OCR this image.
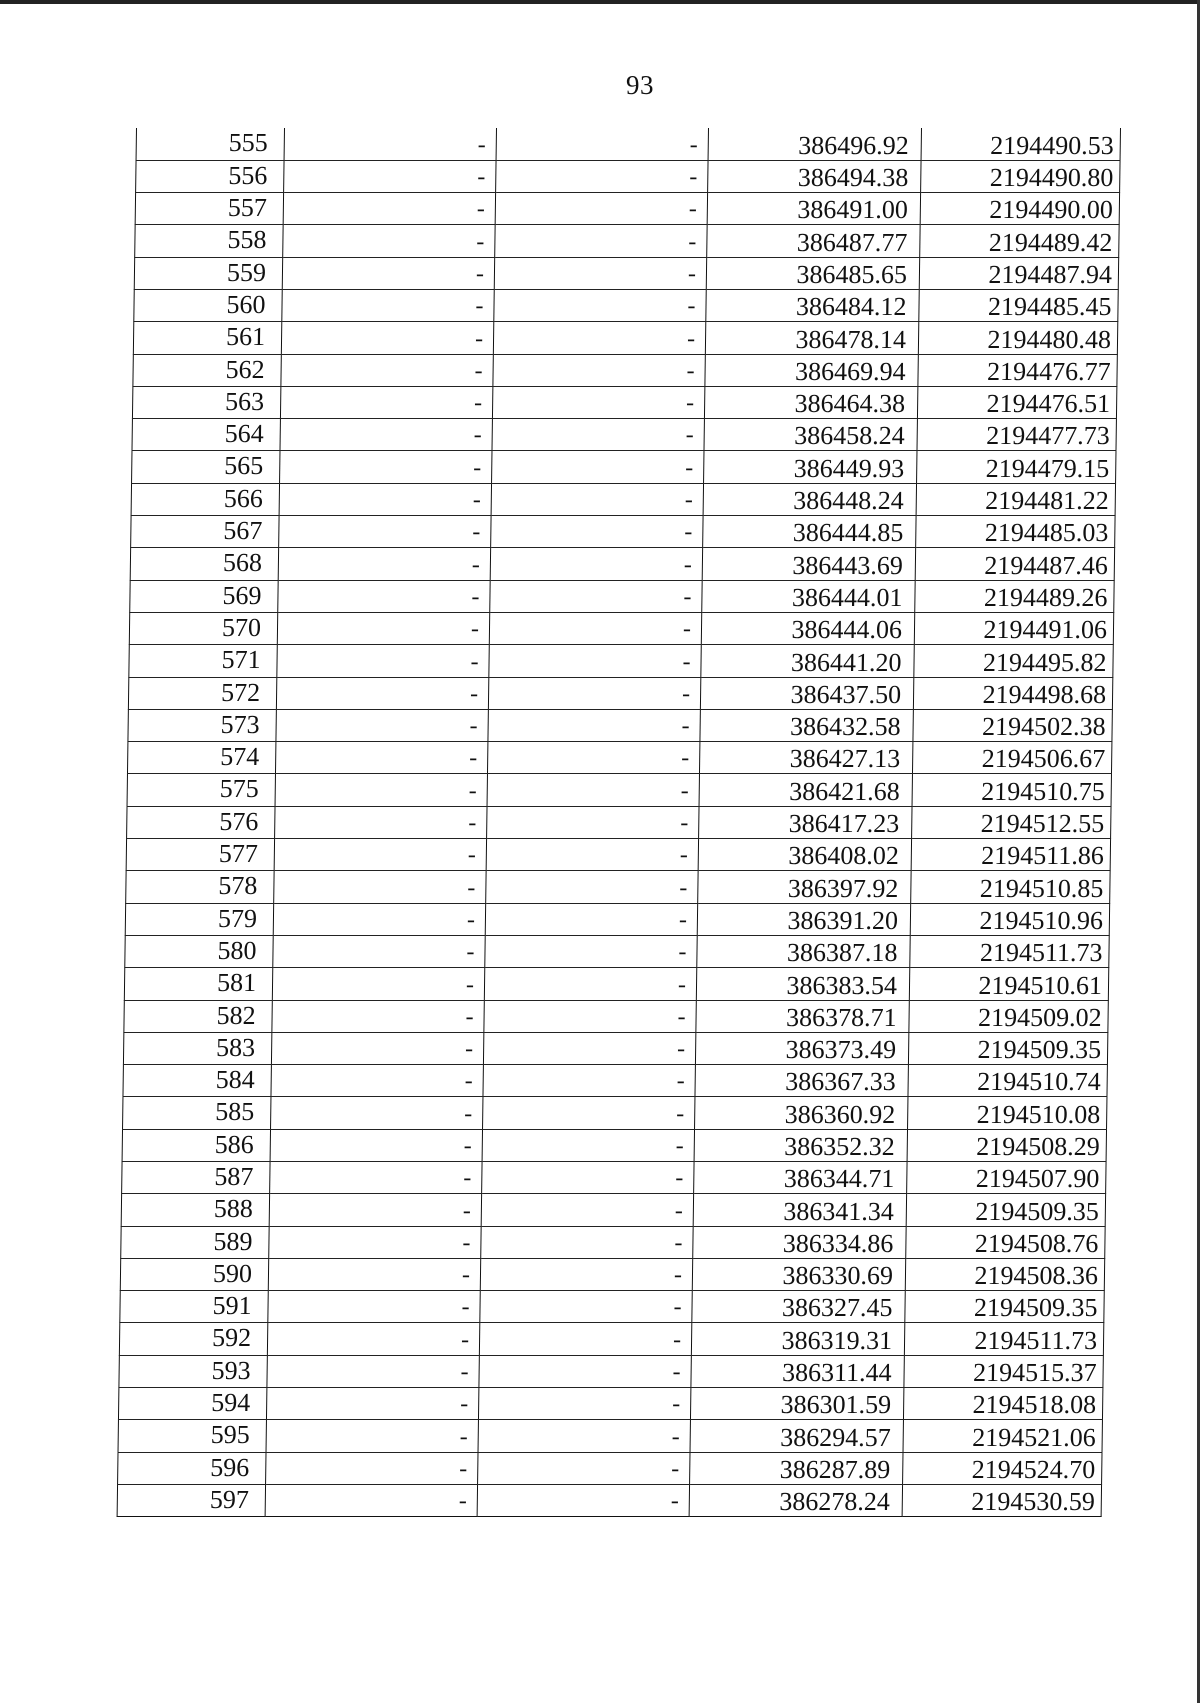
93
555	-	-	386496.92	2194490.53
556	-	-	386494.38	2194490.80
557	-	-	386491.00	2194490.00
558	-	-	386487.77	2194489.42
559	-	-	386485.65	2194487.94
560	-	-	386484.12	2194485.45
561	-	-	386478.14	2194480.48
562	-	-	386469.94	2194476.77
563	-	-	386464.38	2194476.51
564	-	-	386458.24	2194477.73
565	-	-	386449.93	2194479.15
566	-	-	386448.24	2194481.22
567	-	-	386444.85	2194485.03
568	-	-	386443.69	2194487.46
569	-	-	386444.01	2194489.26
570	-	-	386444.06	2194491.06
571	-	-	386441.20	2194495.82
572	-	-	386437.50	2194498.68
573	-	-	386432.58	2194502.38
574	-	-	386427.13	2194506.67
575	-	-	386421.68	2194510.75
576	-	-	386417.23	2194512.55
577	-	-	386408.02	2194511.86
578	-	-	386397.92	2194510.85
579	-	-	386391.20	2194510.96
580	-	-	386387.18	2194511.73
581	-	-	386383.54	2194510.61
582	-	-	386378.71	2194509.02
583	-	-	386373.49	2194509.35
584	-	-	386367.33	2194510.74
585	-	-	386360.92	2194510.08
586	-	-	386352.32	2194508.29
587	-	-	386344.71	2194507.90
588	-	-	386341.34	2194509.35
589	-	-	386334.86	2194508.76
590	-	-	386330.69	2194508.36
591	-	-	386327.45	2194509.35
592	-	-	386319.31	2194511.73
593	-	-	386311.44	2194515.37
594	-	-	386301.59	2194518.08
595	-	-	386294.57	2194521.06
596	-	-	386287.89	2194524.70
597	-	-	386278.24	2194530.59
